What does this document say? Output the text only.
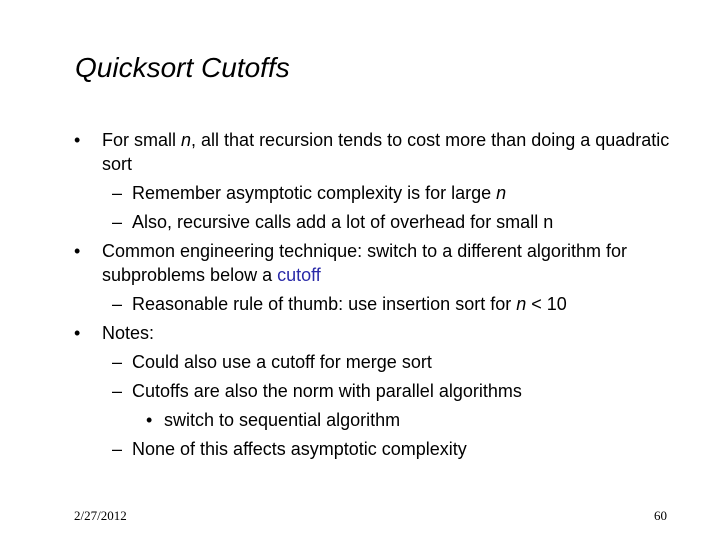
Quicksort Cutoffs
• For small n, all that recursion tends to cost more than doing a quadratic sort
– Remember asymptotic complexity is for large n
– Also, recursive calls add a lot of overhead for small n
• Common engineering technique: switch to a different algorithm for subproblems below a cutoff
– Reasonable rule of thumb: use insertion sort for n < 10
• Notes:
– Could also use a cutoff for merge sort
– Cutoffs are also the norm with parallel algorithms
• switch to sequential algorithm
– None of this affects asymptotic complexity
2/27/2012	60
